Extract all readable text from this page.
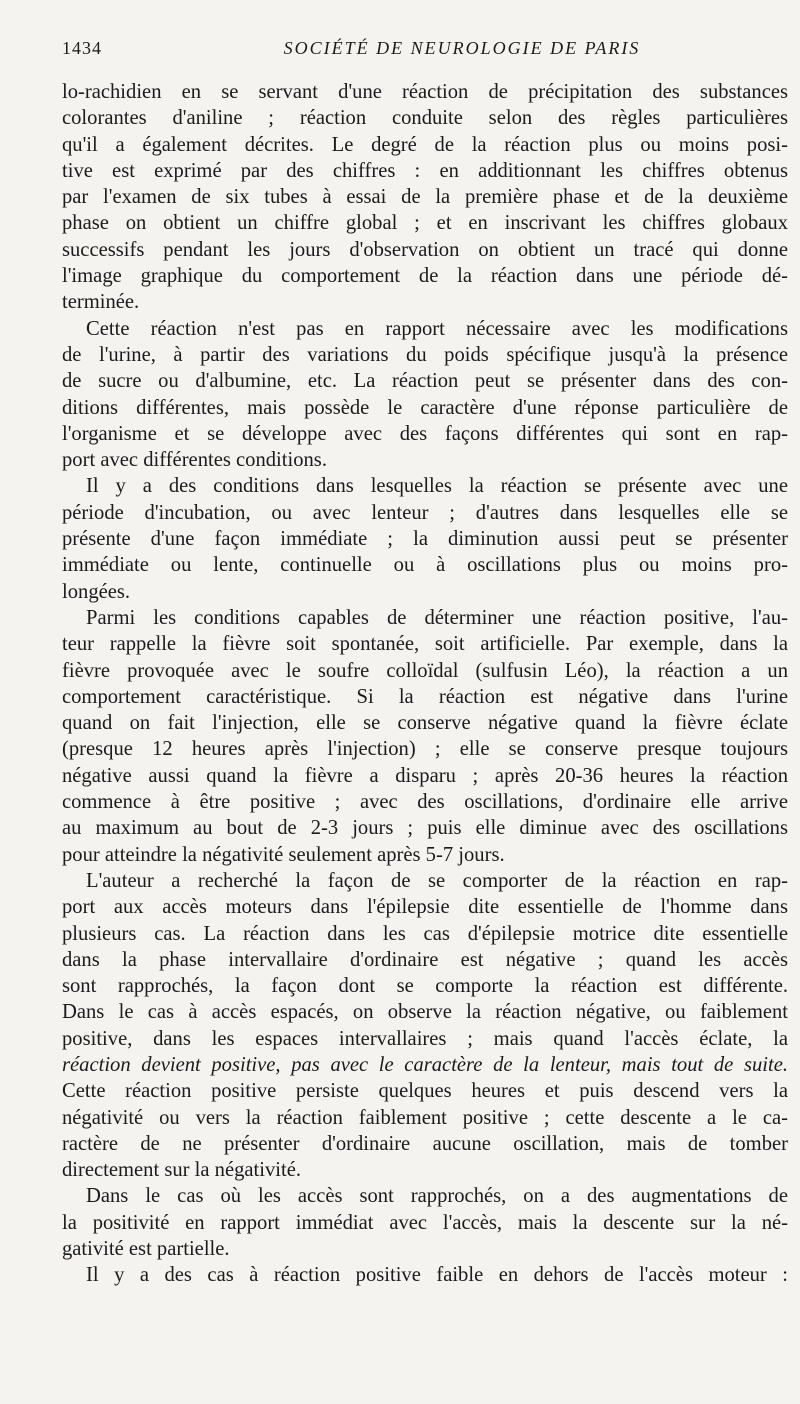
1434	SOCIÉTÉ DE NEUROLOGIE DE PARIS
lo-rachidien en se servant d'une réaction de précipitation des substances
colorantes d'aniline ; réaction conduite selon des règles particulières
qu'il a également décrites. Le degré de la réaction plus ou moins posi-
tive est exprimé par des chiffres : en additionnant les chiffres obtenus
par l'examen de six tubes à essai de la première phase et de la deuxième
phase on obtient un chiffre global ; et en inscrivant les chiffres globaux
successifs pendant les jours d'observation on obtient un tracé qui donne
l'image graphique du comportement de la réaction dans une période dé-
terminée.
Cette réaction n'est pas en rapport nécessaire avec les modifications
de l'urine, à partir des variations du poids spécifique jusqu'à la présence
de sucre ou d'albumine, etc. La réaction peut se présenter dans des con-
ditions différentes, mais possède le caractère d'une réponse particulière de
l'organisme et se développe avec des façons différentes qui sont en rap-
port avec différentes conditions.
Il y a des conditions dans lesquelles la réaction se présente avec une
période d'incubation, ou avec lenteur ; d'autres dans lesquelles elle se
présente d'une façon immédiate ; la diminution aussi peut se présenter
immédiate ou lente, continuelle ou à oscillations plus ou moins pro-
longées.
Parmi les conditions capables de déterminer une réaction positive, l'au-
teur rappelle la fièvre soit spontanée, soit artificielle. Par exemple, dans la
fièvre provoquée avec le soufre colloïdal (sulfusin Léo), la réaction a un
comportement caractéristique. Si la réaction est négative dans l'urine
quand on fait l'injection, elle se conserve négative quand la fièvre éclate
(presque 12 heures après l'injection) ; elle se conserve presque toujours
négative aussi quand la fièvre a disparu ; après 20-36 heures la réaction
commence à être positive ; avec des oscillations, d'ordinaire elle arrive
au maximum au bout de 2-3 jours ; puis elle diminue avec des oscillations
pour atteindre la négativité seulement après 5-7 jours.
L'auteur a recherché la façon de se comporter de la réaction en rap-
port aux accès moteurs dans l'épilepsie dite essentielle de l'homme dans
plusieurs cas. La réaction dans les cas d'épilepsie motrice dite essentielle
dans la phase intervallaire d'ordinaire est négative ; quand les accès
sont rapprochés, la façon dont se comporte la réaction est différente.
Dans le cas à accès espacés, on observe la réaction négative, ou faiblement
positive, dans les espaces intervallaires ; mais quand l'accès éclate, la
réaction devient positive, pas avec le caractère de la lenteur, mais tout de suite.
Cette réaction positive persiste quelques heures et puis descend vers la
négativité ou vers la réaction faiblement positive ; cette descente a le ca-
ractère de ne présenter d'ordinaire aucune oscillation, mais de tomber
directement sur la négativité.
Dans le cas où les accès sont rapprochés, on a des augmentations de
la positivité en rapport immédiat avec l'accès, mais la descente sur la né-
gativité est partielle.
Il y a des cas à réaction positive faible en dehors de l'accès moteur :
